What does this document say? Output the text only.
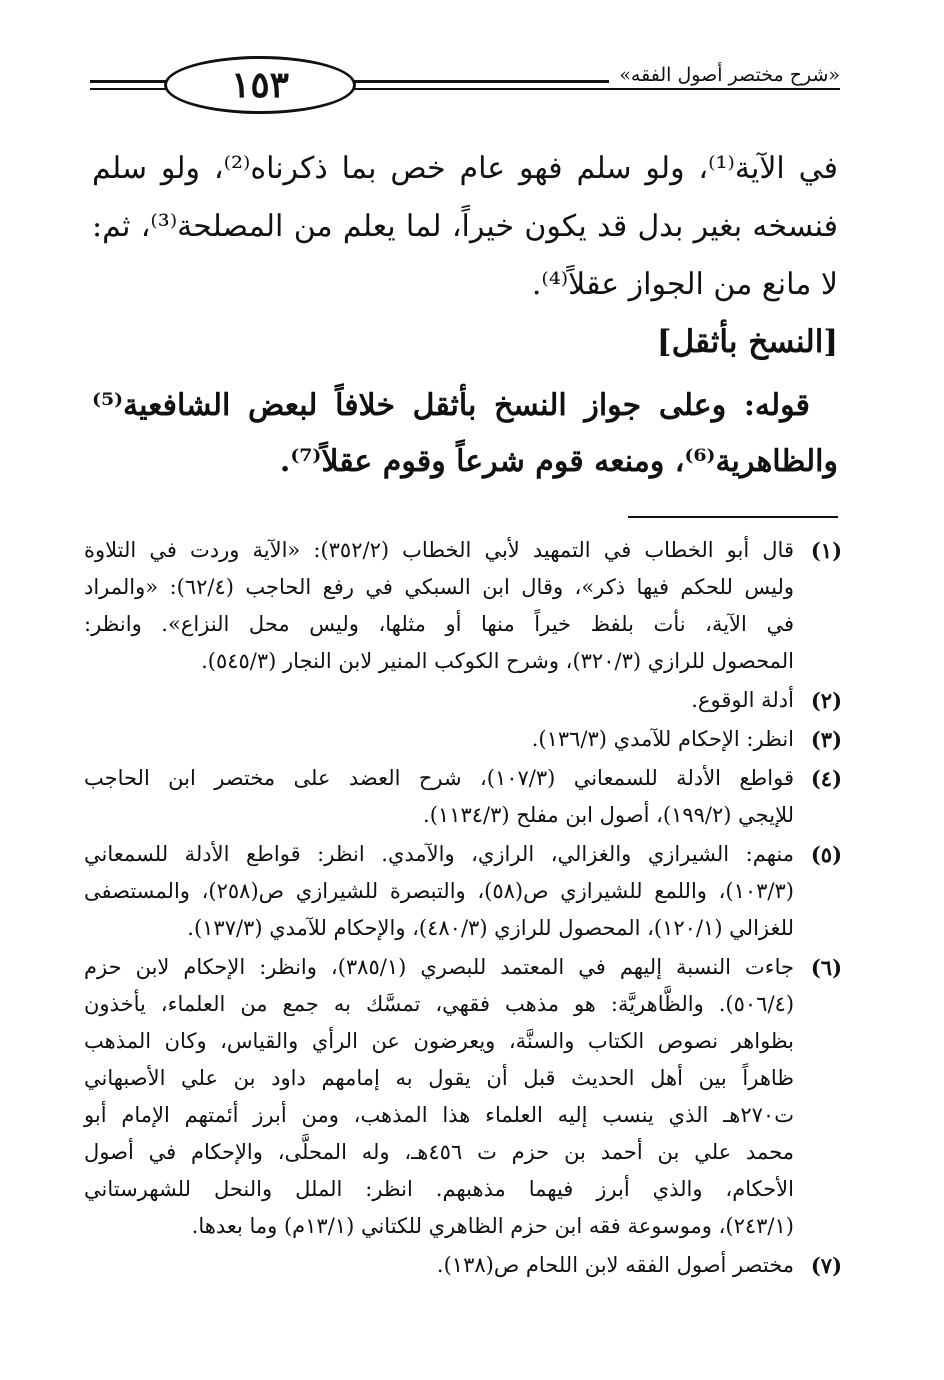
١٥٣	«شرح مختصر أصول الفقه»
في الآية⁽¹⁾، ولو سلم فهو عام خص بما ذكرناه⁽²⁾، ولو سلم
فنسخه بغير بدل قد يكون خيراً، لما يعلم من المصلحة⁽³⁾، ثم:
لا مانع من الجواز عقلاً⁽⁴⁾.
[النسخ بأثقل]
قوله: وعلى جواز النسخ بأثقل خلافاً لبعض الشافعية⁽⁵⁾
والظاهرية⁽⁶⁾، ومنعه قوم شرعاً وقوم عقلاً⁽⁷⁾.
(١)
قال أبو الخطاب في التمهيد لأبي الخطاب (٣٥٢/٢): «الآية وردت في التلاوة
وليس للحكم فيها ذكر»، وقال ابن السبكي في رفع الحاجب (٦٢/٤): «والمراد
في الآية، نأت بلفظ خيراً منها أو مثلها، وليس محل النزاع». وانظر:
المحصول للرازي (٣٢٠/٣)، وشرح الكوكب المنير لابن النجار (٥٤٥/٣).
(٢)
أدلة الوقوع.
(٣)
انظر: الإحكام للآمدي (١٣٦/٣).
(٤)
قواطع الأدلة للسمعاني (١٠٧/٣)، شرح العضد على مختصر ابن الحاجب
للإيجي (١٩٩/٢)، أصول ابن مفلح (١١٣٤/٣).
(٥)
منهم: الشيرازي والغزالي، الرازي، والآمدي. انظر: قواطع الأدلة للسمعاني
(١٠٣/٣)، واللمع للشيرازي ص(٥٨)، والتبصرة للشيرازي ص(٢٥٨)، والمستصفى
للغزالي (١٢٠/١)، المحصول للرازي (٤٨٠/٣)، والإحكام للآمدي (١٣٧/٣).
(٦)
جاءت النسبة إليهم في المعتمد للبصري (٣٨٥/١)، وانظر: الإحكام لابن حزم
(٥٠٦/٤). والظَّاهريَّة: هو مذهب فقهي، تمسَّك به جمع من العلماء، يأخذون
بظواهر نصوص الكتاب والسنَّة، ويعرضون عن الرأي والقياس، وكان المذهب
ظاهراً بين أهل الحديث قبل أن يقول به إمامهم داود بن علي الأصبهاني
ت٢٧٠هـ الذي ينسب إليه العلماء هذا المذهب، ومن أبرز أئمتهم الإمام أبو
محمد علي بن أحمد بن حزم ت ٤٥٦هـ، وله المحلَّى، والإحكام في أصول
الأحكام، والذي أبرز فيهما مذهبهم. انظر: الملل والنحل للشهرستاني
(٢٤٣/١)، وموسوعة فقه ابن حزم الظاهري للكتاني (١٣/١م) وما بعدها.
(٧)
مختصر أصول الفقه لابن اللحام ص(١٣٨).
